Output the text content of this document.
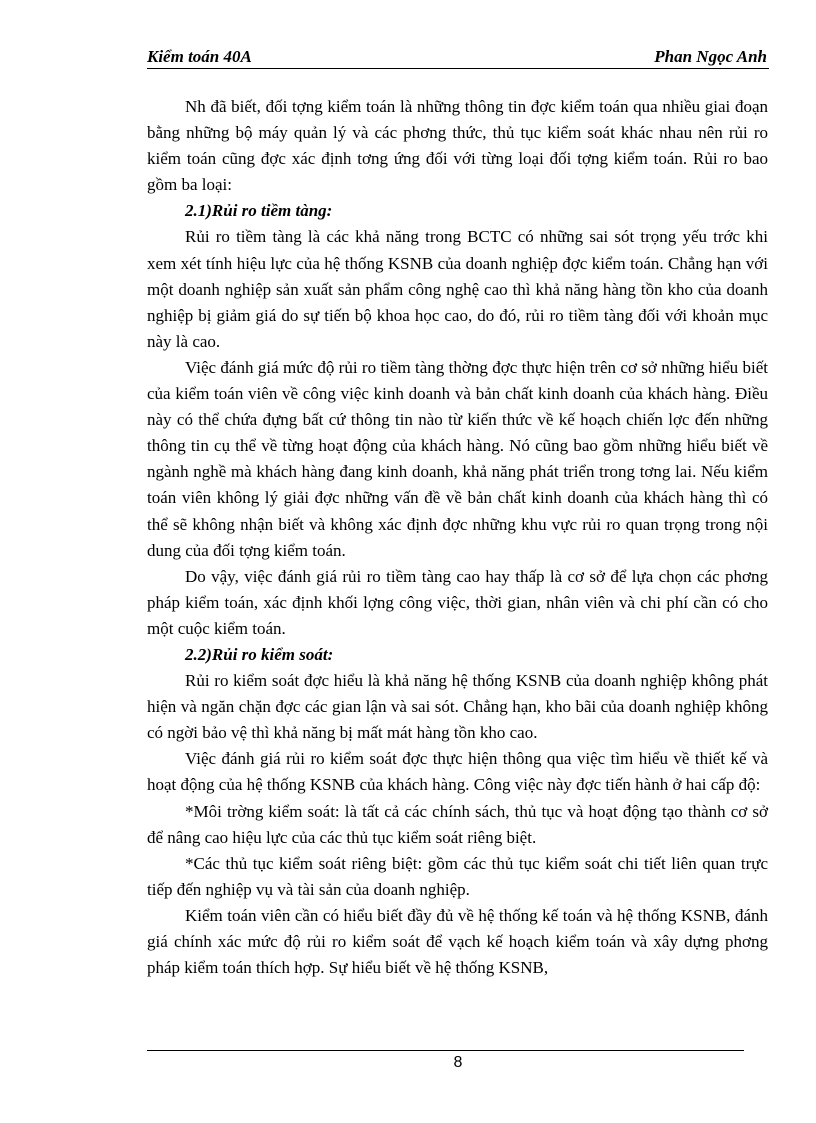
Kiểm toán 40A	Phan Ngọc Anh

Nh đã biết, đối tợng kiểm toán là những thông tin đợc kiểm toán qua nhiều giai đoạn bằng những bộ máy quản lý và các phơng thức, thủ tục kiểm soát khác nhau nên rủi ro kiểm toán cũng đợc xác định tơng ứng đối với từng loại đối tợng kiểm toán. Rủi ro bao gồm ba loại:

2.1)Rủi ro tiềm tàng:

Rủi ro tiềm tàng là các khả năng trong BCTC có những sai sót trọng yếu trớc khi xem xét tính hiệu lực của hệ thống KSNB của doanh nghiệp đợc kiểm toán. Chẳng hạn với một doanh nghiệp sản xuất sản phẩm công nghệ cao thì khả năng hàng tồn kho của doanh nghiệp bị giảm giá do sự tiến bộ khoa học cao, do đó, rủi ro tiềm tàng đối với khoản mục này là cao.

Việc đánh giá mức độ rủi ro tiềm tàng thờng đợc thực hiện trên cơ sở những hiểu biết của kiểm toán viên về công việc kinh doanh và bản chất kinh doanh của khách hàng. Điều này có thể chứa đựng bất cứ thông tin nào từ kiến thức về kế hoạch chiến lợc đến những thông tin cụ thể về từng hoạt động của khách hàng. Nó cũng bao gồm những hiểu biết về ngành nghề mà khách hàng đang kinh doanh, khả năng phát triển trong tơng lai. Nếu kiểm toán viên không lý giải đợc những vấn đề về bản chất kinh doanh của khách hàng thì có thể sẽ không nhận biết và không xác định đợc những khu vực rủi ro quan trọng trong nội dung của đối tợng kiểm toán.

Do vậy, việc đánh giá rủi ro tiềm tàng cao hay thấp là cơ sở để lựa chọn các phơng pháp kiểm toán, xác định khối lợng công việc, thời gian, nhân viên và chi phí cần có cho một cuộc kiểm toán.

2.2)Rủi ro kiểm soát:

Rủi ro kiểm soát đợc hiểu là khả năng hệ thống KSNB của doanh nghiệp không phát hiện và ngăn chặn đợc các gian lận và sai sót. Chẳng hạn, kho bãi của doanh nghiệp không có ngời bảo vệ thì khả năng bị mất mát hàng tồn kho cao.

Việc đánh giá rủi ro kiểm soát đợc thực hiện thông qua việc tìm hiểu về thiết kế và hoạt động của hệ thống KSNB của khách hàng. Công việc này đợc tiến hành ở hai cấp độ:

*Môi trờng kiểm soát: là tất cả các chính sách, thủ tục và hoạt động tạo thành cơ sở để nâng cao hiệu lực của các thủ tục kiểm soát riêng biệt.

*Các thủ tục kiểm soát riêng biệt: gồm các thủ tục kiểm soát chi tiết liên quan trực tiếp đến nghiệp vụ và tài sản của doanh nghiệp.

Kiểm toán viên cần có hiểu biết đầy đủ về hệ thống kế toán và hệ thống KSNB, đánh giá chính xác mức độ rủi ro kiểm soát để vạch kế hoạch kiểm toán và xây dựng phơng pháp kiểm toán thích hợp. Sự hiểu biết về hệ thống KSNB,

8
